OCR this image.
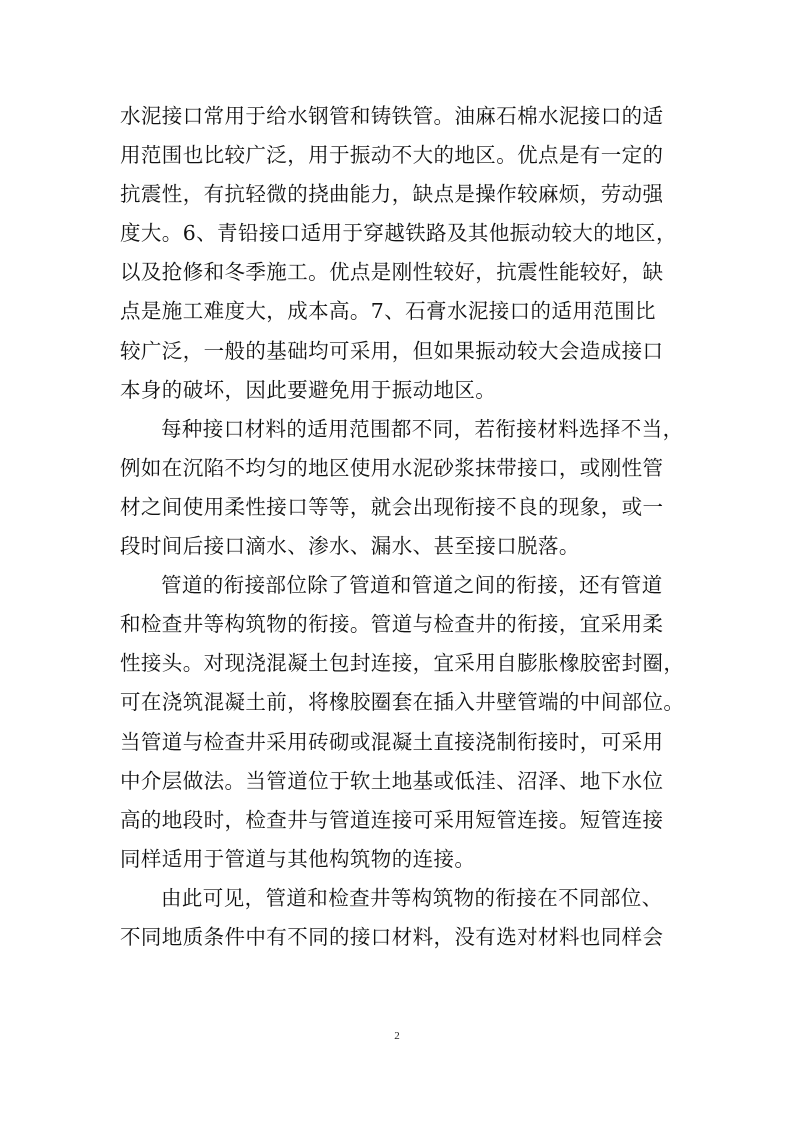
水泥接口常用于给水钢管和铸铁管。油麻石棉水泥接口的适
用范围也比较广泛，用于振动不大的地区。优点是有一定的
抗震性，有抗轻微的挠曲能力，缺点是操作较麻烦，劳动强
度大。6、青铅接口适用于穿越铁路及其他振动较大的地区，
以及抢修和冬季施工。优点是刚性较好，抗震性能较好，缺
点是施工难度大，成本高。7、石膏水泥接口的适用范围比
较广泛，一般的基础均可采用，但如果振动较大会造成接口
本身的破坏，因此要避免用于振动地区。
每种接口材料的适用范围都不同，若衔接材料选择不当，
例如在沉陷不均匀的地区使用水泥砂浆抹带接口，或刚性管
材之间使用柔性接口等等，就会出现衔接不良的现象，或一
段时间后接口滴水、渗水、漏水、甚至接口脱落。
管道的衔接部位除了管道和管道之间的衔接，还有管道
和检查井等构筑物的衔接。管道与检查井的衔接，宜采用柔
性接头。对现浇混凝土包封连接，宜采用自膨胀橡胶密封圈，
可在浇筑混凝土前，将橡胶圈套在插入井壁管端的中间部位。
当管道与检查井采用砖砌或混凝土直接浇制衔接时，可采用
中介层做法。当管道位于软土地基或低洼、沼泽、地下水位
高的地段时，检查井与管道连接可采用短管连接。短管连接
同样适用于管道与其他构筑物的连接。
由此可见，管道和检查井等构筑物的衔接在不同部位、
不同地质条件中有不同的接口材料，没有选对材料也同样会
2
